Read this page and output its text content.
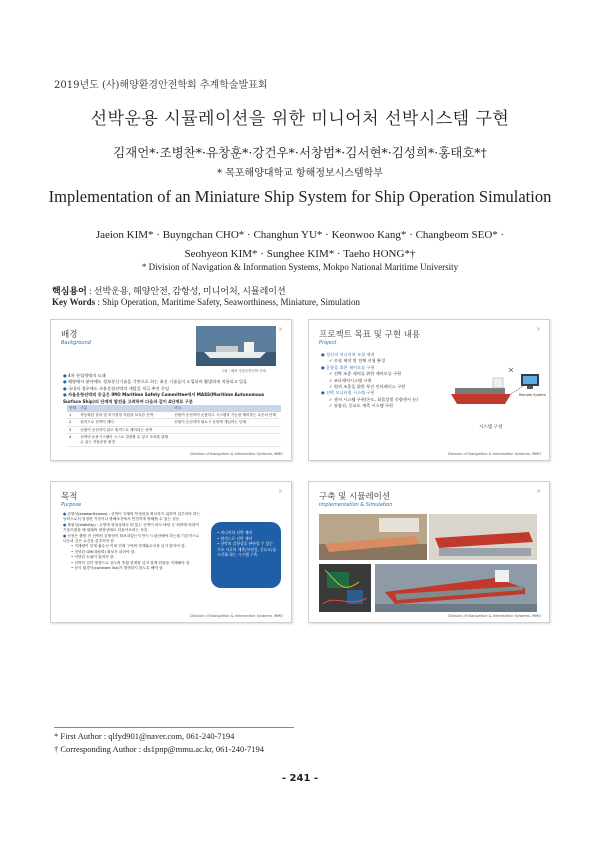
2019년도 (사)해양환경안전학회 추계학술발표회
선박운용 시뮬레이션을 위한 미니어처 선박시스템 구현
김재언*·조병찬*·유창훈*·강건우*·서창범*·김서현*·김성희*·홍태호*†
* 목포해양대학교 항해정보시스템학부
Implementation of an Miniature Ship System for Ship Operation Simulation
Jaeion KIM* · Buyngchan CHO* · Changhun YU* · Keonwoo Kang* · Changbeom SEO* ·
Seohyeon KIM* · Sunghee KIM* · Taeho HONG*†
* Division of Navigation & Information Systems, Mokpo National Maritime University
핵심용어 : 선박운용, 해양안전, 감항성, 미니어처, 시뮬레이션
Key Words : Ship Operation, Maritime Safety, Seaworthiness, Miniature, Simulation
×
배경
Background
그림 : 해외 자율운항선박 사례
● 4차 산업혁명의 도래
● 해양에서 분야에도 정보통신기술을 기반으로 하는 최신 기술들이 도입되어 활발하게 적용되고 있음
● 국내의 경우에도 자율운항선박의 개발을 적극 추진 중임
● 자율운항선박의 등급은 IMO Maritime Safety Committee에서 MASS(Maritime Autonomous Surface Ship)의 단계적 발전을 고려하여 다음과 같이 4단계로 구분
단계	구분	비고
1	자동화된 절차 및 의사결정 지원을 보유한 선박	선원이 승선하여 운용하고 시스템과 기능을 제어하는 수준의 단계
2	원격으로 선박이 제어	선원이 승선하며 필요시 운항에 개입하는 단계
3	선원이 승선하지 않고 원격으로 제어되는 선박	
4	선박의 운용시스템이 스스로 결정할 수 있고 조치를 취할 수 있는 자율운항 환경	
Division of Navigation & Information Systems, MMU
×
프로젝트 목표 및 구현 내용
Project
● 성선의 미니어처 모형 제작
✓ 모형 제작 및 전체 선형 완성
● 운항을 위한 제어모듈 구현
✓ 선박 조종 제어를 위한 제어모듈 구현
✓ 조타제어시스템 구현
✓ 원격 조종을 위한 무선 인터페이스 구현
● 선박 모니터링 시스템 구현
✓ 센서 시스템 구현(온도, 화물창별 중량센서 등)
✓ 통합선, 중요도 계측 시스템 구현
Remote System
시스템 구성
Division of Navigation & Information Systems, MMU
×
목적
Purpose
● 감항성(seaworthiness) : 선박이 자체의 안정성을 확보하기 위하여 갖추어야 하는 능력으로서 일정한 기상이나 항해조건에서 안전하게 항해할 수 있는 성능
● 복원성(stability) : 수면에 평형상태로 떠 있는 선박이 파도·바람 등 외력에 의하여 기울어졌을 때 원래의 평형상태로 되돌아오려는 성질
● 선장은 출항 전 선박의 감항성이 확보되었는지 반드시 판단해야 하는데 기본적으로 다음과 같은 요건을 갖추어야 함
• 적재량이 한계 흘수선 이내 현재 구역의 만재흘수선을 넘지 않아야 함.
• 적당한 GM(복원력) 확보가 되어야 함.
• 적당한 트림이 있어야 함.
• 선박이 길이 방향으로 강도의 종횡 한계를 넘지 않게 화물을 적재해야 함.
• 상시 횡경사(constant list)가 발생하지 않도록 해야 함.
• 미니어처 선박 제작
• 원격으로 선박 제어
• 선박의 감항성을 판단할 수 있는 기초 자료의 계측(복원성, 중요도)를 시각화 하는 시스템 구축
Division of Navigation & Information Systems, MMU
×
구축 및 시뮬레이션
Implementation & Simulation
Division of Navigation & Information Systems, MMU
* First Author : qlfyd901@naver.com, 061-240-7194
† Corresponding Author : ds1pnp@mmu.ac.kr, 061-240-7194
- 241 -
